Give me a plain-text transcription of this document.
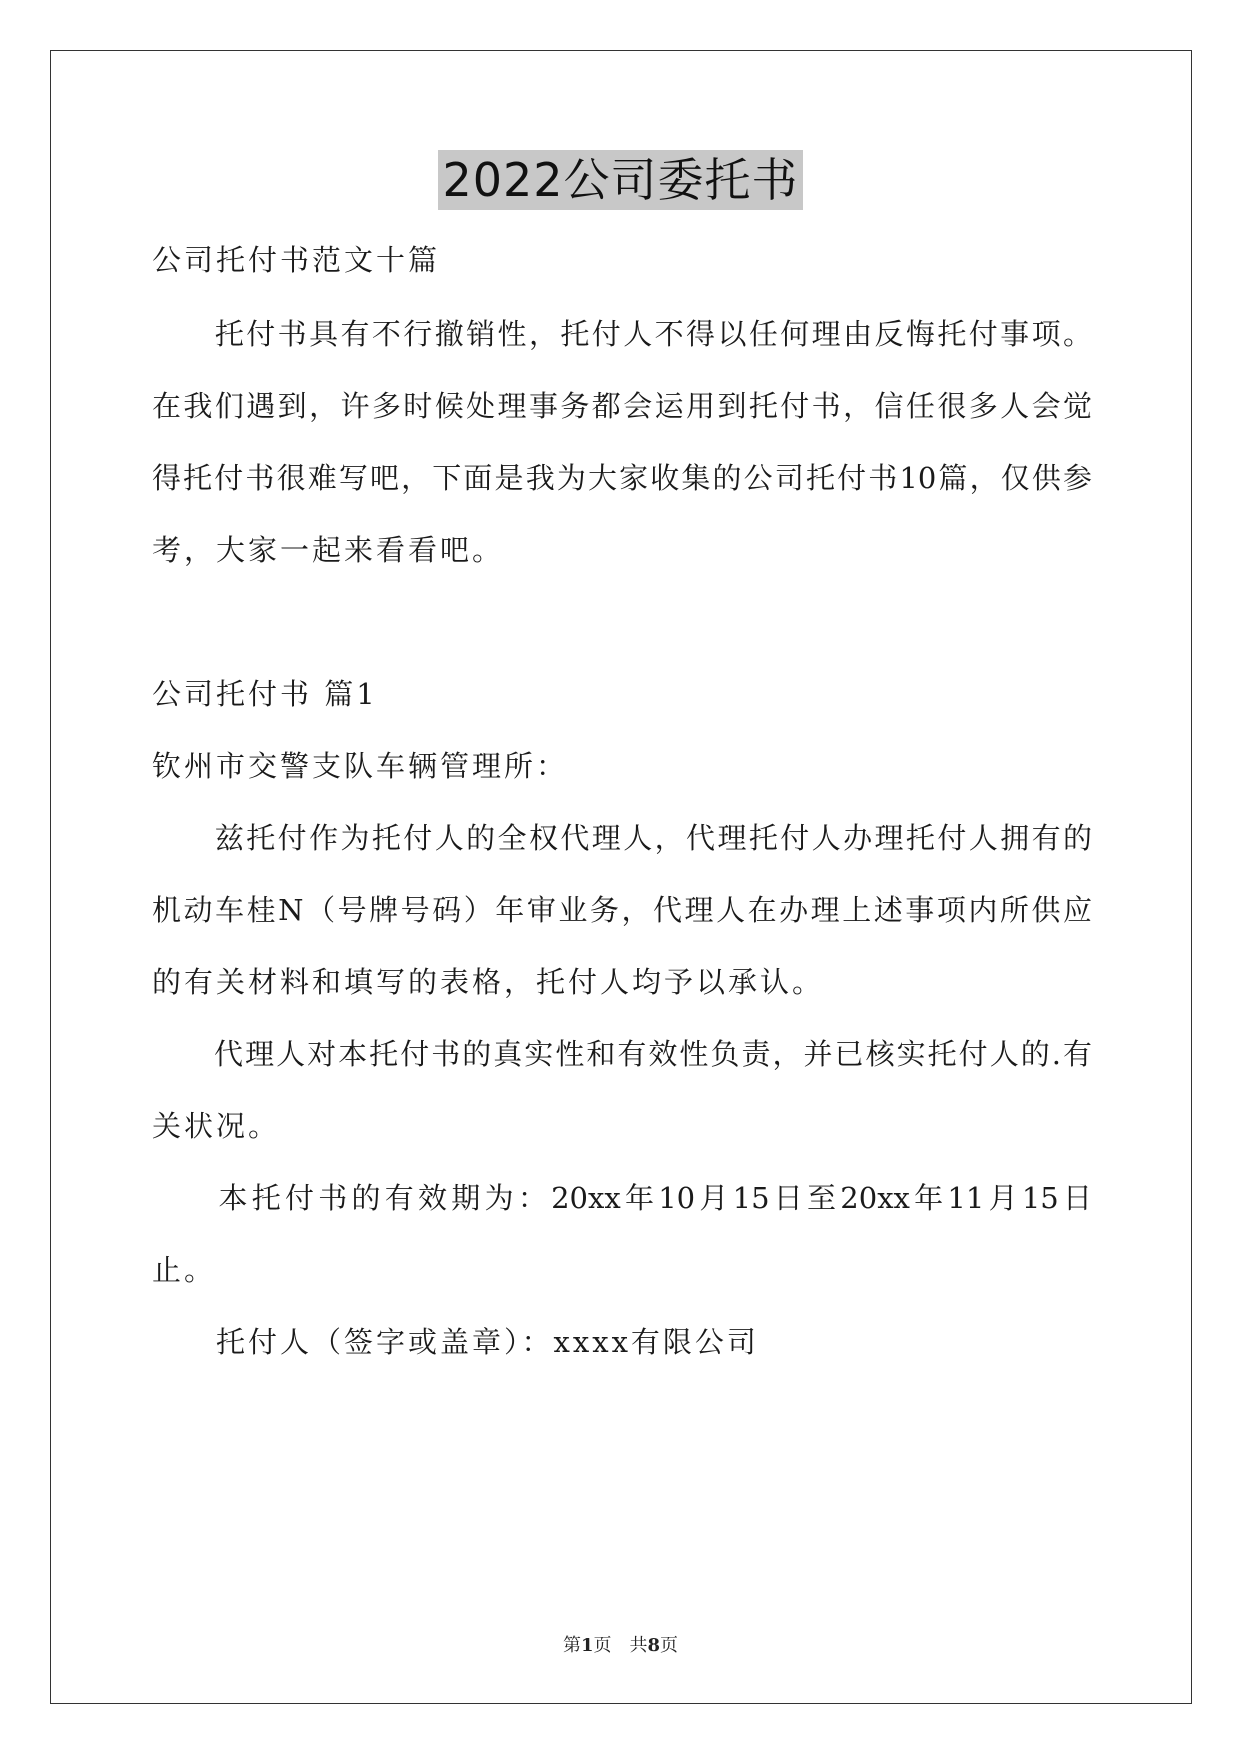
2022公司委托书
公司托付书范文十篇
　　托付书具有不行撤销性，托付人不得以任何理由反悔托付事项。
在我们遇到，许多时候处理事务都会运用到托付书，信任很多人会觉
得托付书很难写吧，下面是我为大家收集的公司托付书10篇，仅供参
考，大家一起来看看吧。
公司托付书 篇1
钦州市交警支队车辆管理所：
　　兹托付作为托付人的全权代理人，代理托付人办理托付人拥有的
机动车桂N（号牌号码）年审业务，代理人在办理上述事项内所供应
的有关材料和填写的表格，托付人均予以承认。
　　代理人对本托付书的真实性和有效性负责，并已核实托付人的.有
关状况。
　　本托付书的有效期为：20xx年10月15日至20xx年11月15日
止。
　　托付人（签字或盖章）：xxxx有限公司
第1页　共8页
